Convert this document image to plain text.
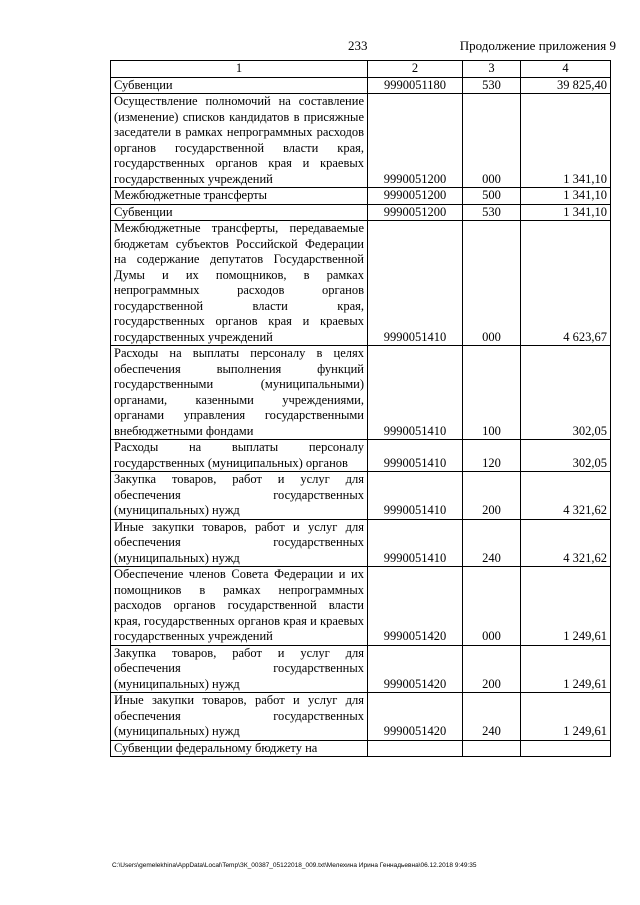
233	Продолжение приложения 9
1	2	3	4
Субвенции	9990051180	530	39 825,40
Осуществление полномочий на составление (изменение) списков кандидатов в присяжные заседатели в рамках непрограммных расходов органов государственной власти края, государственных органов края и краевых государственных учреждений	9990051200	000	1 341,10
Межбюджетные трансферты	9990051200	500	1 341,10
Субвенции	9990051200	530	1 341,10
Межбюджетные трансферты, передаваемые бюджетам субъектов Российской Федерации на содержание депутатов Государственной Думы и их помощников, в рамках непрограммных расходов органов государственной власти края, государственных органов края и краевых государственных учреждений	9990051410	000	4 623,67
Расходы на выплаты персоналу в целях обеспечения выполнения функций государственными (муниципальными) органами, казенными учреждениями, органами управления государственными внебюджетными фондами	9990051410	100	302,05
Расходы на выплаты персоналу государственных (муниципальных) органов	9990051410	120	302,05
Закупка товаров, работ и услуг для обеспечения государственных (муниципальных) нужд	9990051410	200	4 321,62
Иные закупки товаров, работ и услуг для обеспечения государственных (муниципальных) нужд	9990051410	240	4 321,62
Обеспечение членов Совета Федерации и их помощников в рамках непрограммных расходов органов государственной власти края, государственных органов края и краевых государственных учреждений	9990051420	000	1 249,61
Закупка товаров, работ и услуг для обеспечения государственных (муниципальных) нужд	9990051420	200	1 249,61
Иные закупки товаров, работ и услуг для обеспечения государственных (муниципальных) нужд	9990051420	240	1 249,61
Субвенции федеральному бюджету на			
C:\Users\gemelekhina\AppData\Local\Temp\ЗК_00387_05122018_009.txt\Мелехина Ирина Геннадьевна\06.12.2018 9:49:35
